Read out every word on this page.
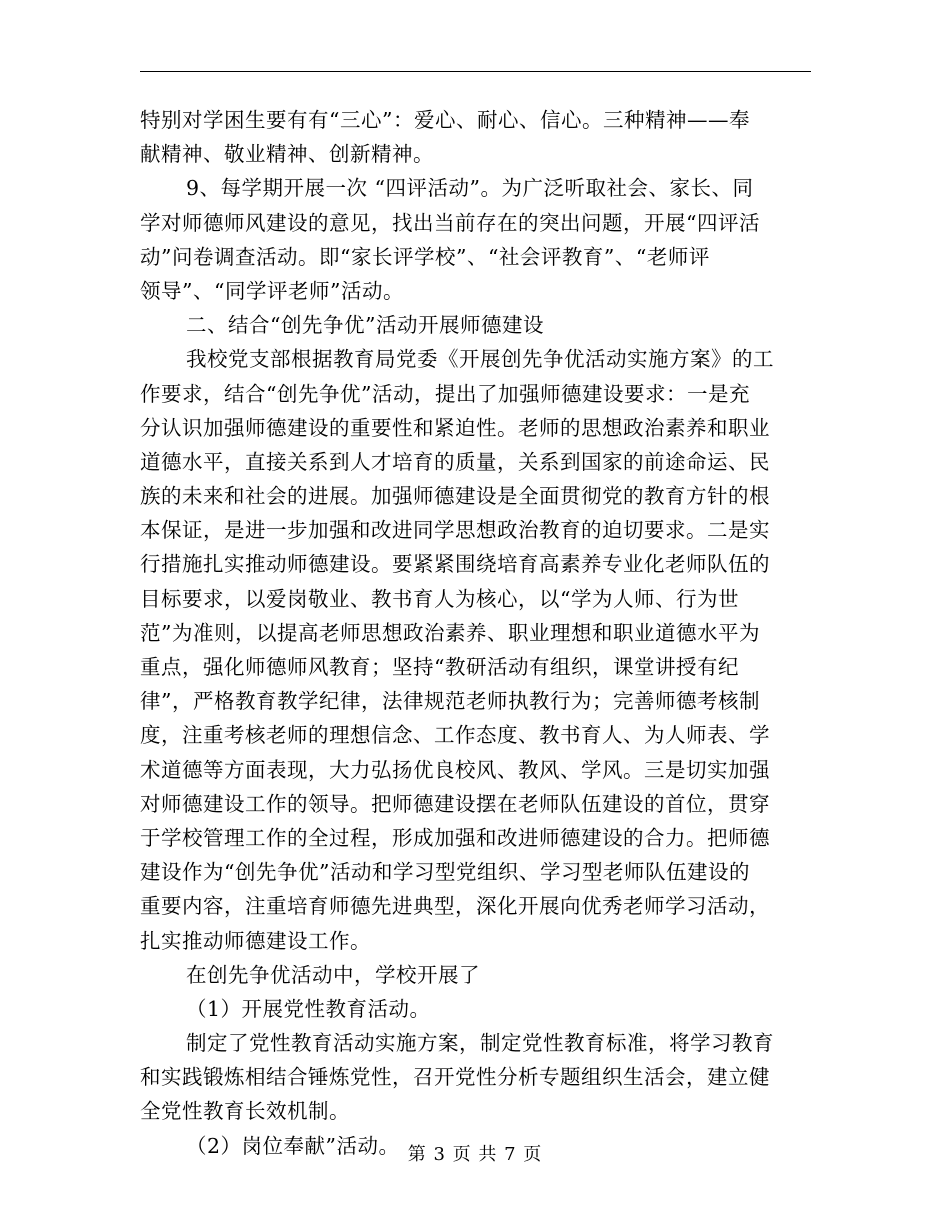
特别对学困生要有有“三心”：爱心、耐心、信心。三种精神——奉
献精神、敬业精神、创新精神。
9、每学期开展一次 “四评活动”。为广泛听取社会、家长、同
学对师德师风建设的意见，找出当前存在的突出问题，开展“四评活
动”问卷调查活动。即“家长评学校”、“社会评教育”、“老师评
领导”、“同学评老师”活动。
二、结合“创先争优”活动开展师德建设
我校党支部根据教育局党委《开展创先争优活动实施方案》的工
作要求，结合“创先争优”活动，提出了加强师德建设要求：一是充
分认识加强师德建设的重要性和紧迫性。老师的思想政治素养和职业
道德水平，直接关系到人才培育的质量，关系到国家的前途命运、民
族的未来和社会的进展。加强师德建设是全面贯彻党的教育方针的根
本保证，是进一步加强和改进同学思想政治教育的迫切要求。二是实
行措施扎实推动师德建设。要紧紧围绕培育高素养专业化老师队伍的
目标要求，以爱岗敬业、教书育人为核心，以“学为人师、行为世
范”为准则，以提高老师思想政治素养、职业理想和职业道德水平为
重点，强化师德师风教育；坚持“教研活动有组织，课堂讲授有纪
律”，严格教育教学纪律，法律规范老师执教行为；完善师德考核制
度，注重考核老师的理想信念、工作态度、教书育人、为人师表、学
术道德等方面表现，大力弘扬优良校风、教风、学风。三是切实加强
对师德建设工作的领导。把师德建设摆在老师队伍建设的首位，贯穿
于学校管理工作的全过程，形成加强和改进师德建设的合力。把师德
建设作为“创先争优”活动和学习型党组织、学习型老师队伍建设的
重要内容，注重培育师德先进典型，深化开展向优秀老师学习活动，
扎实推动师德建设工作。
在创先争优活动中，学校开展了
（1）开展党性教育活动。
制定了党性教育活动实施方案，制定党性教育标准，将学习教育
和实践锻炼相结合锤炼党性，召开党性分析专题组织生活会，建立健
全党性教育长效机制。
（2）岗位奉献”活动。 第 3 页 共 7 页
